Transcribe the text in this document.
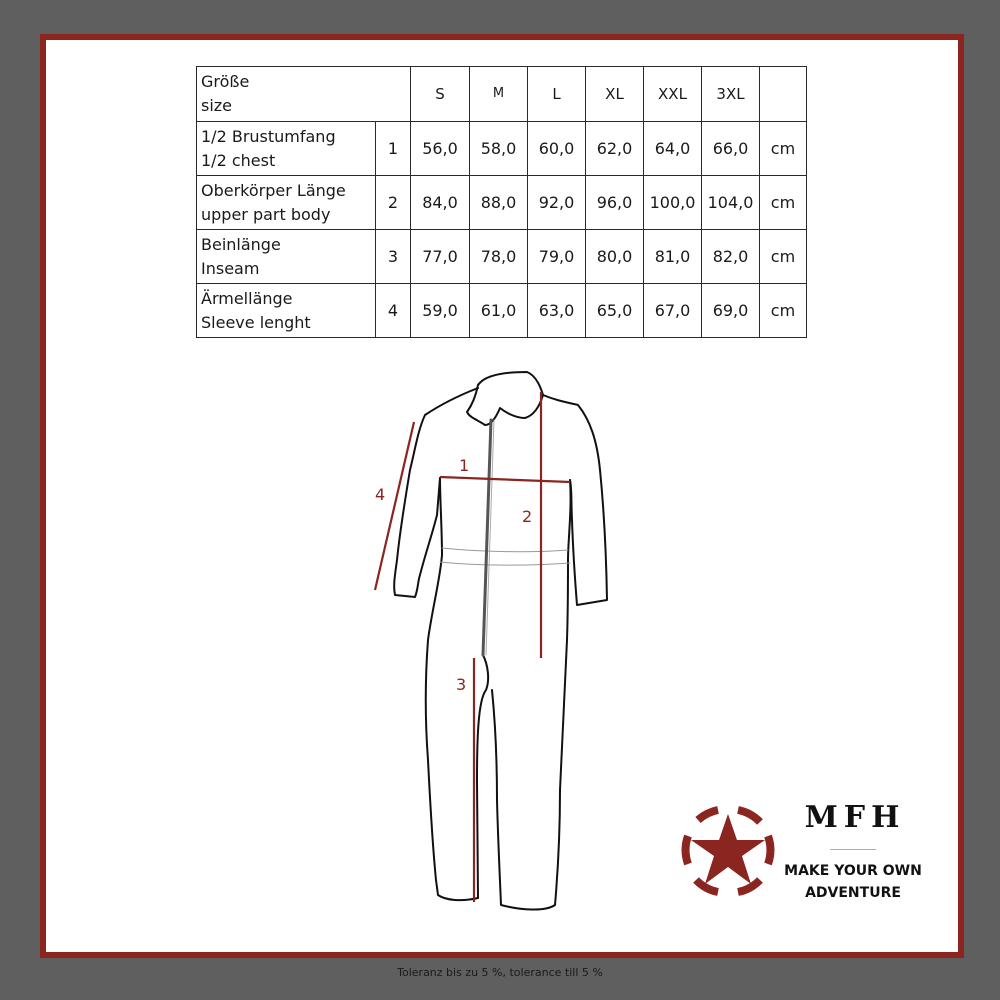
Größe
size		S	M	L	XL	XXL	3XL	

1/2 Brustumfang
1/2 chest	1	56,0	58,0	60,0	62,0	64,0	66,0	cm

Oberkörper Länge
upper part body	2	84,0	88,0	92,0	96,0	100,0	104,0	cm

Beinlänge
Inseam	3	77,0	78,0	79,0	80,0	81,0	82,0	cm

Ärmellänge
Sleeve lenght	4	59,0	61,0	63,0	65,0	67,0	69,0	cm
1
2
3
4
MFH
MAKE YOUR OWN
ADVENTURE
Toleranz bis zu 5 %, tolerance till 5 %
